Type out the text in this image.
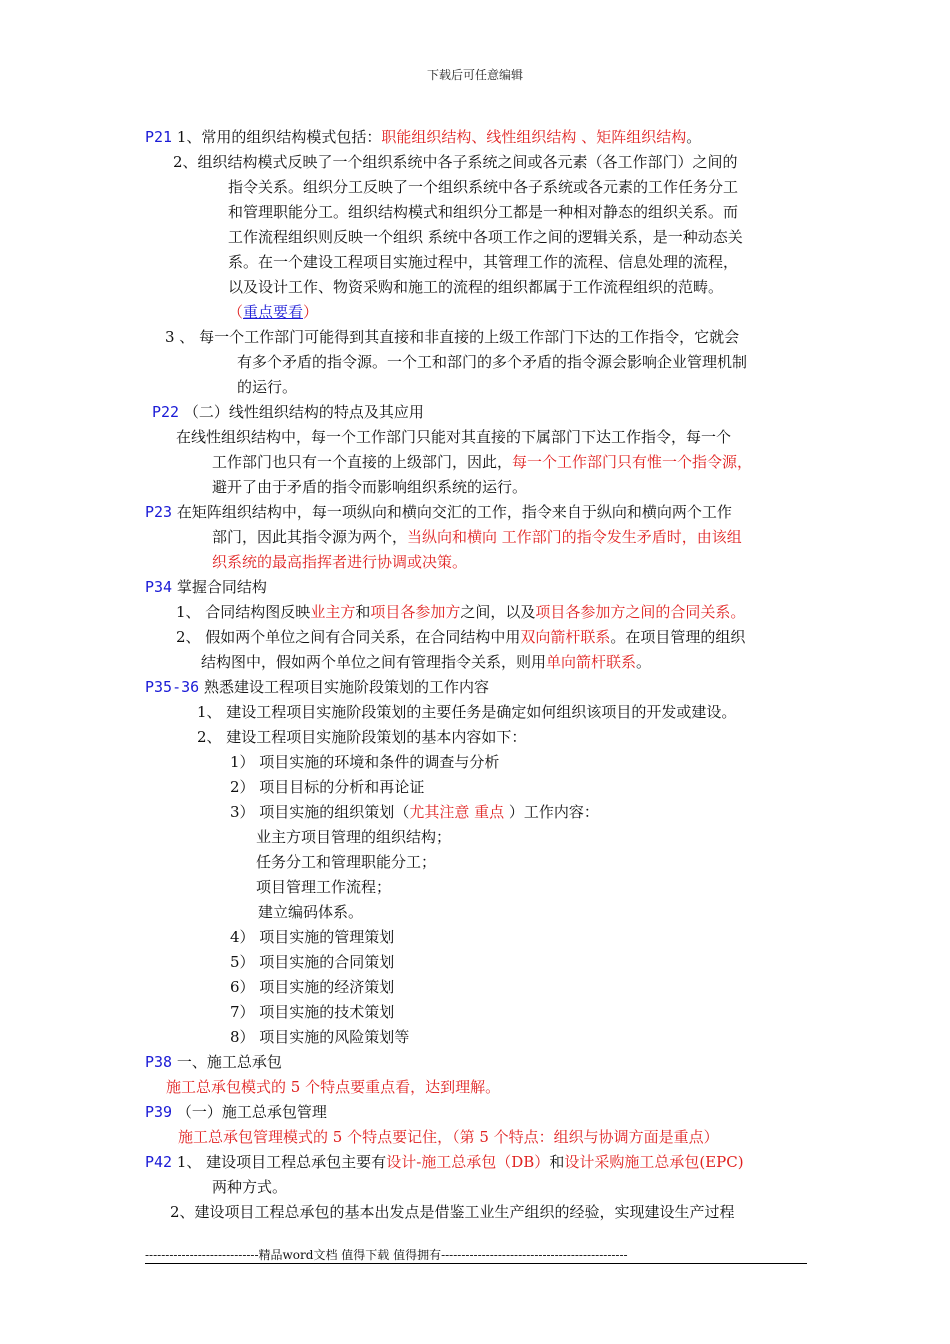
下载后可任意编辑
P21 1、常用的组织结构模式包括：职能组织结构、线性组织结构 、矩阵组织结构。
2、组织结构模式反映了一个组织系统中各子系统之间或各元素（各工作部门）之间的
指令关系。组织分工反映了一个组织系统中各子系统或各元素的工作任务分工
和管理职能分工。组织结构模式和组织分工都是一种相对静态的组织关系。而
工作流程组织则反映一个组织 系统中各项工作之间的逻辑关系，是一种动态关
系。在一个建设工程项目实施过程中，其管理工作的流程、信息处理的流程，
以及设计工作、物资采购和施工的流程的组织都属于工作流程组织的范畴。
（重点要看）
3 、 每一个工作部门可能得到其直接和非直接的上级工作部门下达的工作指令，它就会
有多个矛盾的指令源。一个工和部门的多个矛盾的指令源会影响企业管理机制
的运行。
P22 （二）线性组织结构的特点及其应用
在线性组织结构中，每一个工作部门只能对其直接的下属部门下达工作指令，每一个
工作部门也只有一个直接的上级部门，因此，每一个工作部门只有惟一个指令源，
避开了由于矛盾的指令而影响组织系统的运行。
P23 在矩阵组织结构中，每一项纵向和横向交汇的工作，指令来自于纵向和横向两个工作
部门，因此其指令源为两个，当纵向和横向 工作部门的指令发生矛盾时，由该组
织系统的最高指挥者进行协调或决策。
P34 掌握合同结构
1、 合同结构图反映业主方和项目各参加方之间，以及项目各参加方之间的合同关系。
2、 假如两个单位之间有合同关系，在合同结构中用双向箭杆联系。在项目管理的组织
结构图中，假如两个单位之间有管理指令关系，则用单向箭杆联系。
P35-36 熟悉建设工程项目实施阶段策划的工作内容
1、 建设工程项目实施阶段策划的主要任务是确定如何组织该项目的开发或建设。
2、 建设工程项目实施阶段策划的基本内容如下：
1） 项目实施的环境和条件的调查与分析
2） 项目目标的分析和再论证
3） 项目实施的组织策划（尤其注意 重点 ）工作内容：
业主方项目管理的组织结构；
任务分工和管理职能分工；
项目管理工作流程；
建立编码体系。
4） 项目实施的管理策划
5） 项目实施的合同策划
6） 项目实施的经济策划
7） 项目实施的技术策划
8） 项目实施的风险策划等
P38 一、施工总承包
施工总承包模式的 5 个特点要重点看，达到理解。
P39 （一）施工总承包管理
施工总承包管理模式的 5 个特点要记住，（第 5 个特点：组织与协调方面是重点）
P42 1、 建设项目工程总承包主要有设计-施工总承包（DB）和设计采购施工总承包(EPC)
两种方式。
2、建设项目工程总承包的基本出发点是借鉴工业生产组织的经验，实现建设生产过程
----------------------------精品word文档 值得下载 值得拥有----------------------------------------------
